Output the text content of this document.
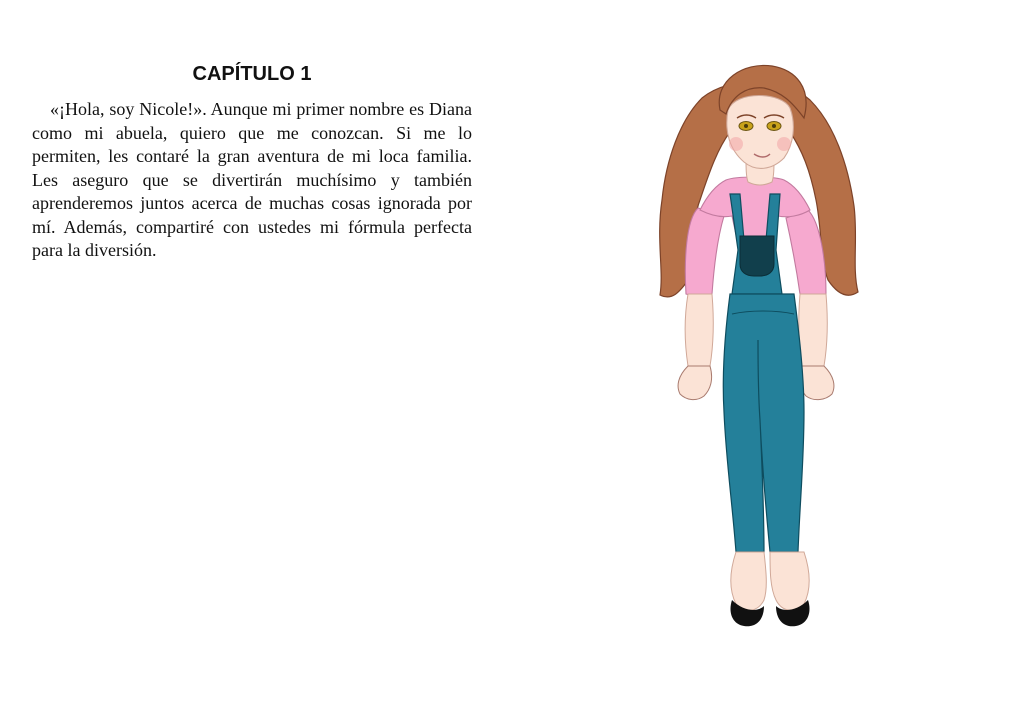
CAPÍTULO 1

«¡Hola, soy Nicole!». Aunque mi primer nombre es Diana como mi abuela, quiero que me conozcan. Si me lo permiten, les contaré la gran aventura de mi loca familia. Les aseguro que se divertirán muchísimo y también aprenderemos juntos acerca de muchas cosas ignorada por mí. Además, compartiré con ustedes mi fórmula perfecta para la diversión.
